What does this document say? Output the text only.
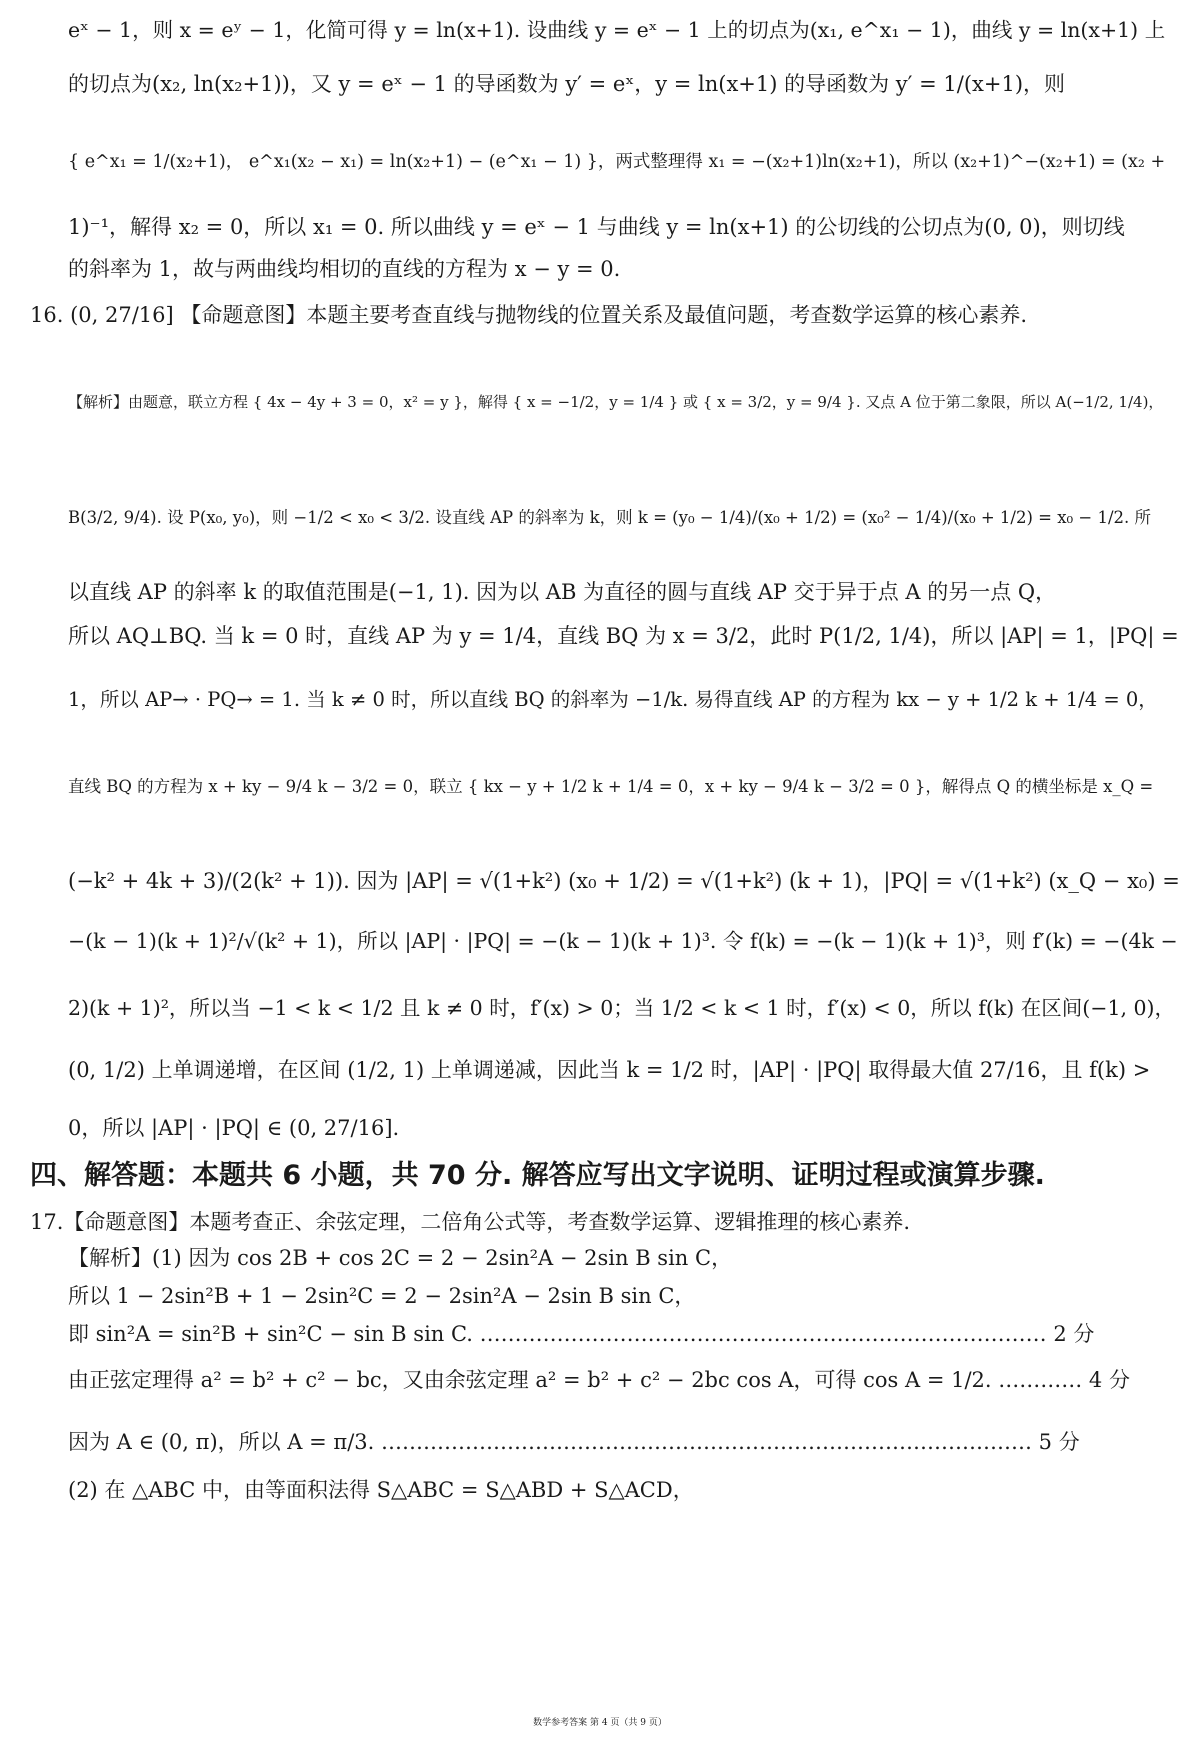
eˣ − 1，则 x = eʸ − 1，化简可得 y = ln(x+1). 设曲线 y = eˣ − 1 上的切点为(x₁, e^x₁ − 1)，曲线 y = ln(x+1) 上
的切点为(x₂, ln(x₂+1))，又 y = eˣ − 1 的导函数为 y′ = eˣ，y = ln(x+1) 的导函数为 y′ = 1/(x+1)，则
{ e^x₁ = 1/(x₂+1)， e^x₁(x₂ − x₁) = ln(x₂+1) − (e^x₁ − 1) }，两式整理得 x₁ = −(x₂+1)ln(x₂+1)，所以 (x₂+1)^−(x₂+1) = (x₂ +
1)⁻¹，解得 x₂ = 0，所以 x₁ = 0. 所以曲线 y = eˣ − 1 与曲线 y = ln(x+1) 的公切线的公切点为(0, 0)，则切线
的斜率为 1，故与两曲线均相切的直线的方程为 x − y = 0.
16. (0, 27/16] 【命题意图】本题主要考查直线与抛物线的位置关系及最值问题，考查数学运算的核心素养.
【解析】由题意，联立方程 { 4x − 4y + 3 = 0，x² = y }，解得 { x = −1/2，y = 1/4 } 或 { x = 3/2，y = 9/4 }. 又点 A 位于第二象限，所以 A(−1/2, 1/4)，
B(3/2, 9/4). 设 P(x₀, y₀)，则 −1/2 < x₀ < 3/2. 设直线 AP 的斜率为 k，则 k = (y₀ − 1/4)/(x₀ + 1/2) = (x₀² − 1/4)/(x₀ + 1/2) = x₀ − 1/2. 所
以直线 AP 的斜率 k 的取值范围是(−1, 1). 因为以 AB 为直径的圆与直线 AP 交于异于点 A 的另一点 Q，
所以 AQ⊥BQ. 当 k = 0 时，直线 AP 为 y = 1/4，直线 BQ 为 x = 3/2，此时 P(1/2, 1/4)，所以 |AP| = 1，|PQ| =
1，所以 AP→ · PQ→ = 1. 当 k ≠ 0 时，所以直线 BQ 的斜率为 −1/k. 易得直线 AP 的方程为 kx − y + 1/2 k + 1/4 = 0，
直线 BQ 的方程为 x + ky − 9/4 k − 3/2 = 0，联立 { kx − y + 1/2 k + 1/4 = 0，x + ky − 9/4 k − 3/2 = 0 }，解得点 Q 的横坐标是 x_Q =
(−k² + 4k + 3)/(2(k² + 1)). 因为 |AP| = √(1+k²) (x₀ + 1/2) = √(1+k²) (k + 1)，|PQ| = √(1+k²) (x_Q − x₀) =
−(k − 1)(k + 1)²/√(k² + 1)，所以 |AP| · |PQ| = −(k − 1)(k + 1)³. 令 f(k) = −(k − 1)(k + 1)³，则 f′(k) = −(4k −
2)(k + 1)²，所以当 −1 < k < 1/2 且 k ≠ 0 时，f′(x) > 0；当 1/2 < k < 1 时，f′(x) < 0，所以 f(k) 在区间(−1, 0)，
(0, 1/2) 上单调递增，在区间 (1/2, 1) 上单调递减，因此当 k = 1/2 时，|AP| · |PQ| 取得最大值 27/16，且 f(k) >
0，所以 |AP| · |PQ| ∈ (0, 27/16].
四、解答题：本题共 6 小题，共 70 分. 解答应写出文字说明、证明过程或演算步骤.
17.【命题意图】本题考查正、余弦定理，二倍角公式等，考查数学运算、逻辑推理的核心素养.
【解析】(1) 因为 cos 2B + cos 2C = 2 − 2sin²A − 2sin B sin C，
所以 1 − 2sin²B + 1 − 2sin²C = 2 − 2sin²A − 2sin B sin C，
即 sin²A = sin²B + sin²C − sin B sin C. ……………………………………………………………………… 2 分
由正弦定理得 a² = b² + c² − bc，又由余弦定理 a² = b² + c² − 2bc cos A，可得 cos A = 1/2. ………… 4 分
因为 A ∈ (0, π)，所以 A = π/3. ………………………………………………………………………………… 5 分
(2) 在 △ABC 中，由等面积法得 S△ABC = S△ABD + S△ACD，
数学参考答案 第 4 页（共 9 页）
